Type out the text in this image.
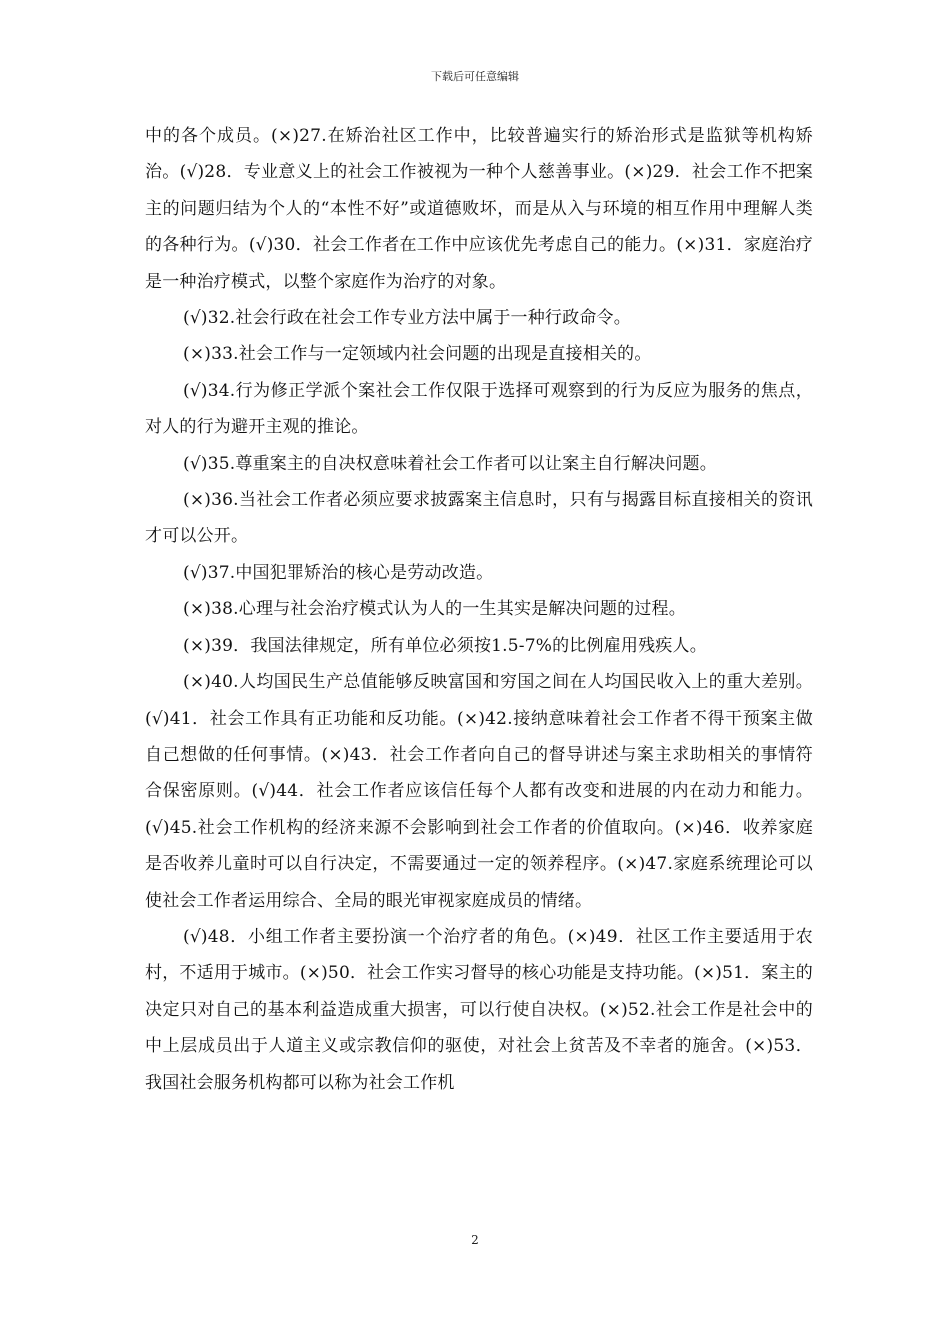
下载后可任意编辑

中的各个成员。(×)27.在矫治社区工作中，比较普遍实行的矫治形式是监狱等机构矫治。(√)28．专业意义上的社会工作被视为一种个人慈善事业。(×)29．社会工作不把案主的问题归结为个人的“本性不好”或道德败坏，而是从入与环境的相互作用中理解人类的各种行为。(√)30．社会工作者在工作中应该优先考虑自己的能力。(×)31．家庭治疗是一种治疗模式，以整个家庭作为治疗的对象。

(√)32.社会行政在社会工作专业方法中属于一种行政命令。

(×)33.社会工作与一定领域内社会问题的出现是直接相关的。

(√)34.行为修正学派个案社会工作仅限于选择可观察到的行为反应为服务的焦点，对人的行为避开主观的推论。

(√)35.尊重案主的自决权意味着社会工作者可以让案主自行解决问题。

(×)36.当社会工作者必须应要求披露案主信息时，只有与揭露目标直接相关的资讯才可以公开。

(√)37.中国犯罪矫治的核心是劳动改造。

(×)38.心理与社会治疗模式认为人的一生其实是解决问题的过程。

(×)39．我国法律规定，所有单位必须按1.5-7%的比例雇用残疾人。

(×)40.人均国民生产总值能够反映富国和穷国之间在人均国民收入上的重大差别。(√)41．社会工作具有正功能和反功能。(×)42.接纳意味着社会工作者不得干预案主做自己想做的任何事情。(×)43．社会工作者向自己的督导讲述与案主求助相关的事情符合保密原则。(√)44．社会工作者应该信任每个人都有改变和进展的内在动力和能力。(√)45.社会工作机构的经济来源不会影响到社会工作者的价值取向。(×)46．收养家庭是否收养儿童时可以自行决定，不需要通过一定的领养程序。(×)47.家庭系统理论可以使社会工作者运用综合、全局的眼光审视家庭成员的情绪。

(√)48．小组工作者主要扮演一个治疗者的角色。(×)49．社区工作主要适用于农村，不适用于城市。(×)50．社会工作实习督导的核心功能是支持功能。(×)51．案主的决定只对自己的基本利益造成重大损害，可以行使自决权。(×)52.社会工作是社会中的中上层成员出于人道主义或宗教信仰的驱使，对社会上贫苦及不幸者的施舍。(×)53．我国社会服务机构都可以称为社会工作机

2
